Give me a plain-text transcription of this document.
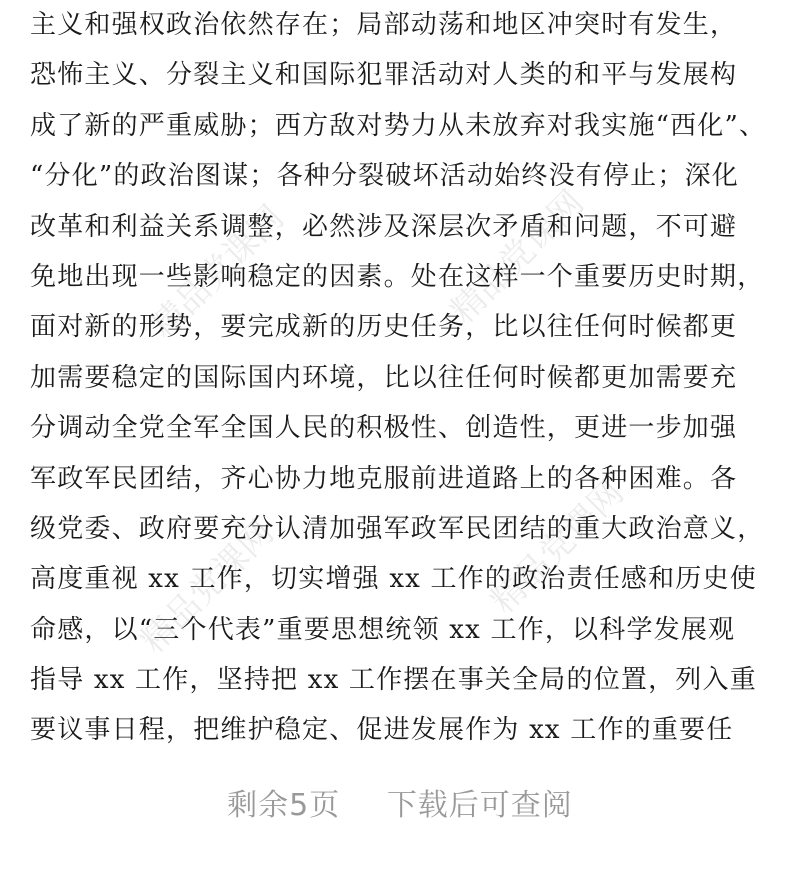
精品党课网	精品党课网
精品党课网	精品党课网
主义和强权政治依然存在；局部动荡和地区冲突时有发生，
恐怖主义、分裂主义和国际犯罪活动对人类的和平与发展构
成了新的严重威胁；西方敌对势力从未放弃对我实施“西化”、
“分化”的政治图谋；各种分裂破坏活动始终没有停止；深化
改革和利益关系调整，必然涉及深层次矛盾和问题，不可避
免地出现一些影响稳定的因素。处在这样一个重要历史时期，
面对新的形势，要完成新的历史任务，比以往任何时候都更
加需要稳定的国际国内环境，比以往任何时候都更加需要充
分调动全党全军全国人民的积极性、创造性，更进一步加强
军政军民团结，齐心协力地克服前进道路上的各种困难。各
级党委、政府要充分认清加强军政军民团结的重大政治意义，
高度重视 xx 工作，切实增强 xx 工作的政治责任感和历史使
命感，以“三个代表”重要思想统领 xx 工作，以科学发展观
指导 xx 工作，坚持把 xx 工作摆在事关全局的位置，列入重
要议事日程，把维护稳定、促进发展作为 xx 工作的重要任
剩余5页 下载后可查阅
